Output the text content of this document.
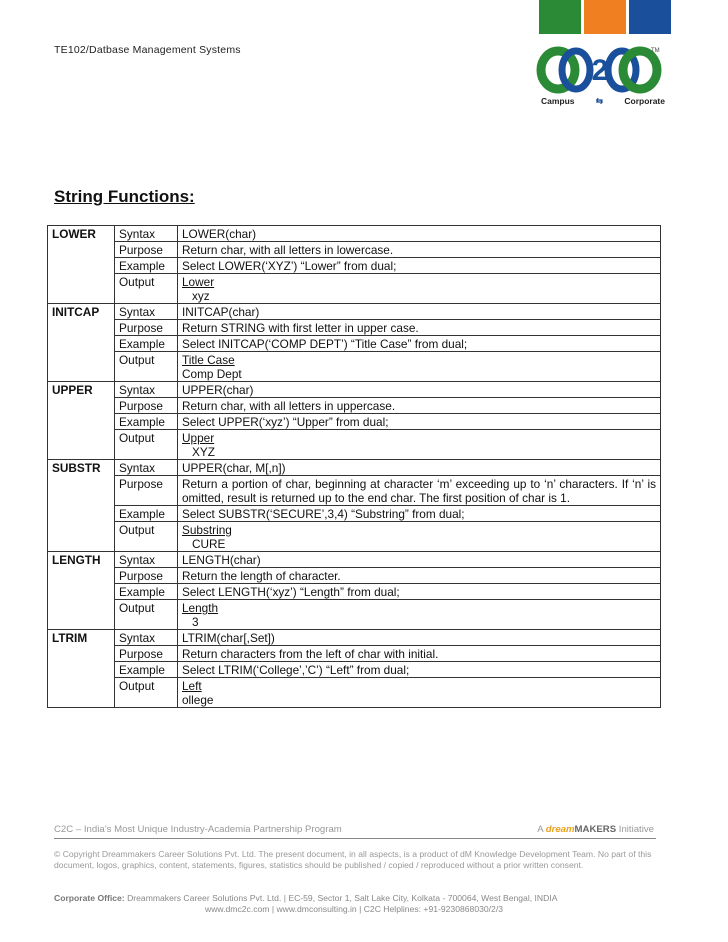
TE102/Datbase Management Systems
2
TM
Campus	⇆	Corporate
String Functions:
LOWER	Syntax	LOWER(char)
	Purpose	Return char, with all letters in lowercase.
	Example	Select LOWER(‘XYZ’) “Lower” from dual;
	Output	Lower
xyz

INITCAP	Syntax	INITCAP(char)
	Purpose	Return STRING with first letter in upper case.
	Example	Select INITCAP(‘COMP DEPT’) “Title Case” from dual;
	Output	Title Case
Comp Dept

UPPER	Syntax	UPPER(char)
	Purpose	Return char, with all letters in uppercase.
	Example	Select UPPER(‘xyz’) “Upper” from dual;
	Output	Upper
XYZ

SUBSTR	Syntax	UPPER(char, M[,n])
	Purpose	Return a portion of char, beginning at character ‘m’ exceeding up to ‘n’ characters. If ‘n’ is omitted, result is returned up to the end char. The first position of char is 1.
	Example	Select SUBSTR(‘SECURE’,3,4) “Substring” from dual;
	Output	Substring
CURE

LENGTH	Syntax	LENGTH(char)
	Purpose	Return the length of character.
	Example	Select LENGTH(‘xyz’) “Length” from dual;
	Output	Length
3

LTRIM	Syntax	LTRIM(char[,Set])
	Purpose	Return characters from the left of char with initial.
	Example	Select LTRIM(‘College’,’C’) “Left” from dual;
	Output	Left
ollege
C2C – India’s Most Unique Industry-Academia Partnership Program	A dreamMAKERS Initiative
© Copyright Dreammakers Career Solutions Pvt. Ltd. The present document, in all aspects, is a product of dM Knowledge Development Team. No part of this document, logos, graphics, content, statements, figures, statistics should be published / copied / reproduced without a prior written consent.
Corporate Office: Dreammakers Career Solutions Pvt. Ltd. | EC-59, Sector 1, Salt Lake City, Kolkata - 700064, West Bengal, INDIA
www.dmc2c.com | www.dmconsulting.in | C2C Helplines: +91-9230868030/2/3
